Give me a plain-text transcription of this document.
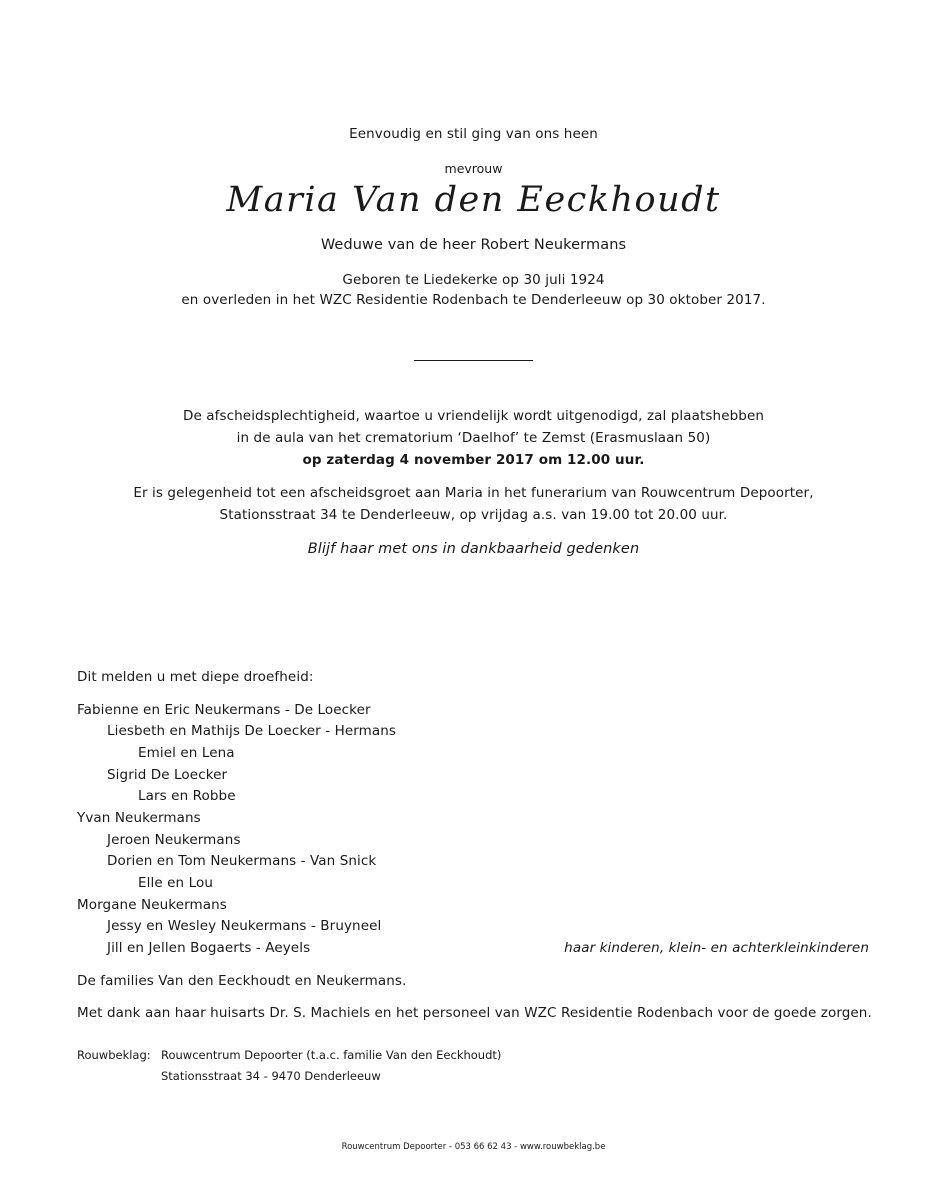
Eenvoudig en stil ging van ons heen
mevrouw
Maria Van den Eeckhoudt
Weduwe van de heer Robert Neukermans
Geboren te Liedekerke op 30 juli 1924
en overleden in het WZC Residentie Rodenbach te Denderleeuw op 30 oktober 2017.
De afscheidsplechtigheid, waartoe u vriendelijk wordt uitgenodigd, zal plaatshebben
in de aula van het crematorium ‘Daelhof’ te Zemst (Erasmuslaan 50)
op zaterdag 4 november 2017 om 12.00 uur.
Er is gelegenheid tot een afscheidsgroet aan Maria in het funerarium van Rouwcentrum Depoorter,
Stationsstraat 34 te Denderleeuw, op vrijdag a.s. van 19.00 tot 20.00 uur.
Blijf haar met ons in dankbaarheid gedenken
Dit melden u met diepe droefheid:
Fabienne en Eric Neukermans - De Loecker
Liesbeth en Mathijs De Loecker - Hermans
Emiel en Lena
Sigrid De Loecker
Lars en Robbe
Yvan Neukermans
Jeroen Neukermans
Dorien en Tom Neukermans - Van Snick
Elle en Lou
Morgane Neukermans
Jessy en Wesley Neukermans - Bruyneel
Jill en Jellen Bogaerts - Aeyels	haar kinderen, klein- en achterkleinkinderen
De families Van den Eeckhoudt en Neukermans.
Met dank aan haar huisarts Dr. S. Machiels en het personeel van WZC Residentie Rodenbach voor de goede zorgen.
Rouwbeklag: Rouwcentrum Depoorter (t.a.c. familie Van den Eeckhoudt)
Stationsstraat 34 - 9470 Denderleeuw
Rouwcentrum Depoorter - 053 66 62 43 - www.rouwbeklag.be
